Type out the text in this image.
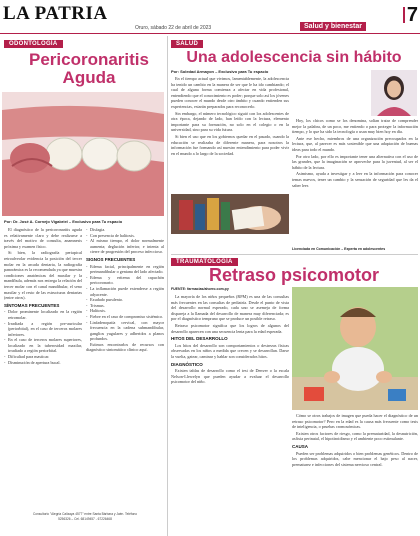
LA PATRIA
Oruro, sábado 22 de abril de 2023	Salud y bienestar
7
ODONTOLOGÍA
Pericoronaritis
Aguda
Por: Dr. José A. Cornejo Vigabriel – Exclusivo para Tu espacio

El diagnóstico de la pericoronaritis aguda es relativamente claro y debe realizarse a través del motivo de consulta, anamnesis próxima y examen físico.

Si bien, la radiografía periapical retroalveolar evidencia la posición del tercer molar en la arcada dentaria, la radiografía panorámica es la recomendada ya que muestra condiciones anatómicas del maxilar y la mandíbula, además nos entrega la relación del tercer molar con el canal mandibular, el seno maxilar y el resto de las estructuras dentarias (entre otros).

SÍNTOMAS FRECUENTES
- Dolor prominente localizado en la región retromolar.
- Irradiada a región pre-auricular (periorbital), en el caso de terceros molares inferiores.
- En el caso de terceros molares superiores, localizado en la tuberosidad maxilar, irradiado a región periorbital.
- Dificultad para masticar.
- Disminución de apertura bucal.
- Disfagia.
- Con presencia de halitosis.
- Al mismo tiempo, el dolor normalmente aumenta; deglución inferior, e intenta al cierre de progresión del proceso infeccioso.
SIGNOS FRECUENTES
- Edema facial, principalmente en región perimandibular o geniana del lado afectado.
- Edema y eritema del capuchón pericoronario.
- La inflamación puede extenderse a región adyacente.
- Exudado purulento.
- Trismus.
- Halitosis.
- Fiebre en el caso de compromiso sistémico.
- Linfadenopatía cervical, con mayor frecuencia en la cadena submandibular, ganglios yugulares y adheridos a planos profundos.

Estimos encontrarlos de recursos con diagnóstico sintomático clínico aquí.

Consultorio "Alegría Calizaya 4577" entre Santa Bárbara y Jaén. Teléfono 5256326 – Cel. 68149457 - 67226468
SALUD
Una adolescencia sin hábito
Por: Soledad Armayon – Exclusivo para Tu espacio

En el tiempo actual que vivimos, lamentablemente, la adolescencia ha tenido un cambio en la manera de ser que le ha ido cambiando; el cual de alguna forma comienza a afectar en vida profesional, entendiendo que el conocimiento es poder; porque solo así los jóvenes pueden conocer el mundo desde otro ámbito y cuando entienden sus experiencias, estarán preparados para reconocerlo.

Sin embargo, el número tecnológico siguió con los adolescentes de otra época, dejando de lado, han leído con la lectura, elemento importante para su formación, no solo en el colegio o en la universidad, sino para su vida futura.

Si bien el uso que en los gobiernos quedar en el pasado, cuando la educación se realizaba de diferente manera, para nosotros la información fue formando así nuestro entendimiento para poder vivir en el mundo a lo largo de la sociedad.

Hoy, los chicos como se los denomina, solían tratar de comprender mejor la palabra, de un poco, me entiendo o para proteger la información tiempo, y lo que ha sido la tecnología o usan muy bien hoy en día.

Ante ese hecho, miembros de una organización preocupados en la lectura, que, al parecer es más sostenible que una adaptación de buenas ideas para todo el mundo.

Por otro lado, por ello es importante tener una alternativa con el uso de las grandes, que la imaginación se aproveche para la juventud, al ser el hábito de la lectura.

Asimismo, ayuda a investigar y a leer en la información para conocer temas nuevos, tener un cambio y la sensación de seguridad que les da el saber leer.

Licenciada en Comunicación – Experta en adolescentes
TRAUMATOLOGÍA
Retraso psicomotor
FUENTE: farmacias/ahorro.com.py

La mayoría de los niños pequeños (RPM) es una de las consultas más frecuentes en las consultas de pediatría. Desde el punto de vista del desarrollo normal esperado, cada uno se asemeja de forma dispareja a la llamada del desarrollo de manera muy diferenciada; es por el diagnóstico temprano que se produce un posible retraso.

Retraso psicomotor significa que los logros de algunos del desarrollo aparecen con una secuencia lenta para la edad esperada.

HITOS DEL DESARROLLO

Los hitos del desarrollo son comportamientos o destrezas físicas observadas en los niños a medida que crecen y se desarrollan. Darse la vuelta, gatear, caminar y hablar son considerados hitos.

DIAGNÓSTICO

Existen tablas de desarrollo como el test de Denver o la escala Nelson-Llewelyn que pueden ayudar a evaluar el desarrollo psicomotor del niño.

Cómo se otros trabajos de imagen que pueda hacer el diagnóstico de un retraso psicomotor? Pero en la edad es la causa más frecuente como tesis de inteligencia, o pruebas cromosómicas.

Existen otros factores de riesgo, como la prematuridad, la desnutrición, asfixia perinatal, el hipotiroidismo y el ambiente poco estimulante.

CAUSA

Pueden ser problemas adquiridos o bien problemas genéticos. Dentro de los problemas adquiridos, cabe mencionar el bajo peso al nacer, prematurez e infecciones del sistema nervioso central.
